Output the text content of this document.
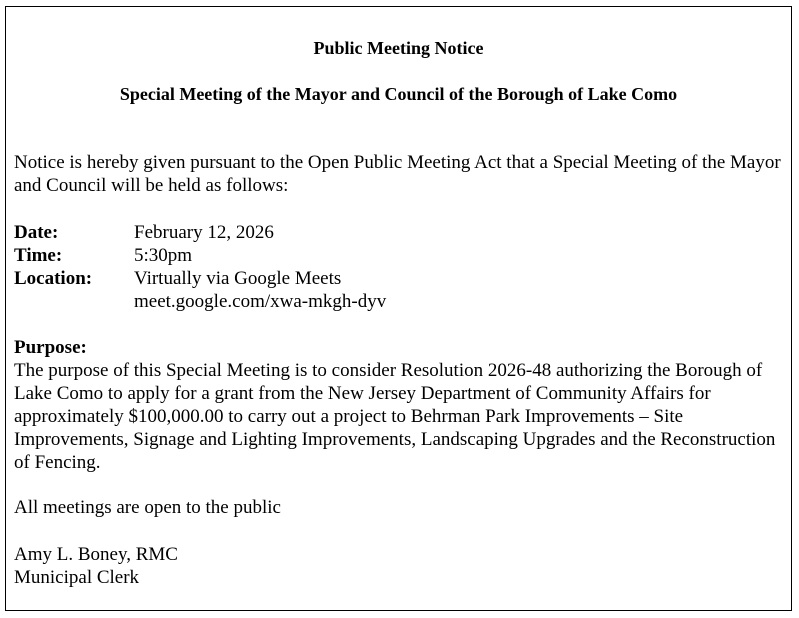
Public Meeting Notice

Special Meeting of the Mayor and Council of the Borough of Lake Como

Notice is hereby given pursuant to the Open Public Meeting Act that a Special Meeting of the Mayor and Council will be held as follows:

Date:	February 12, 2026
Time:	5:30pm
Location: Virtually via Google Meets
meet.google.com/xwa-mkgh-dyv

Purpose:

The purpose of this Special Meeting is to consider Resolution 2026-48 authorizing the Borough of Lake Como to apply for a grant from the New Jersey Department of Community Affairs for approximately $100,000.00 to carry out a project to Behrman Park Improvements – Site Improvements, Signage and Lighting Improvements, Landscaping Upgrades and the Reconstruction of Fencing.

All meetings are open to the public

Amy L. Boney, RMC

Municipal Clerk
